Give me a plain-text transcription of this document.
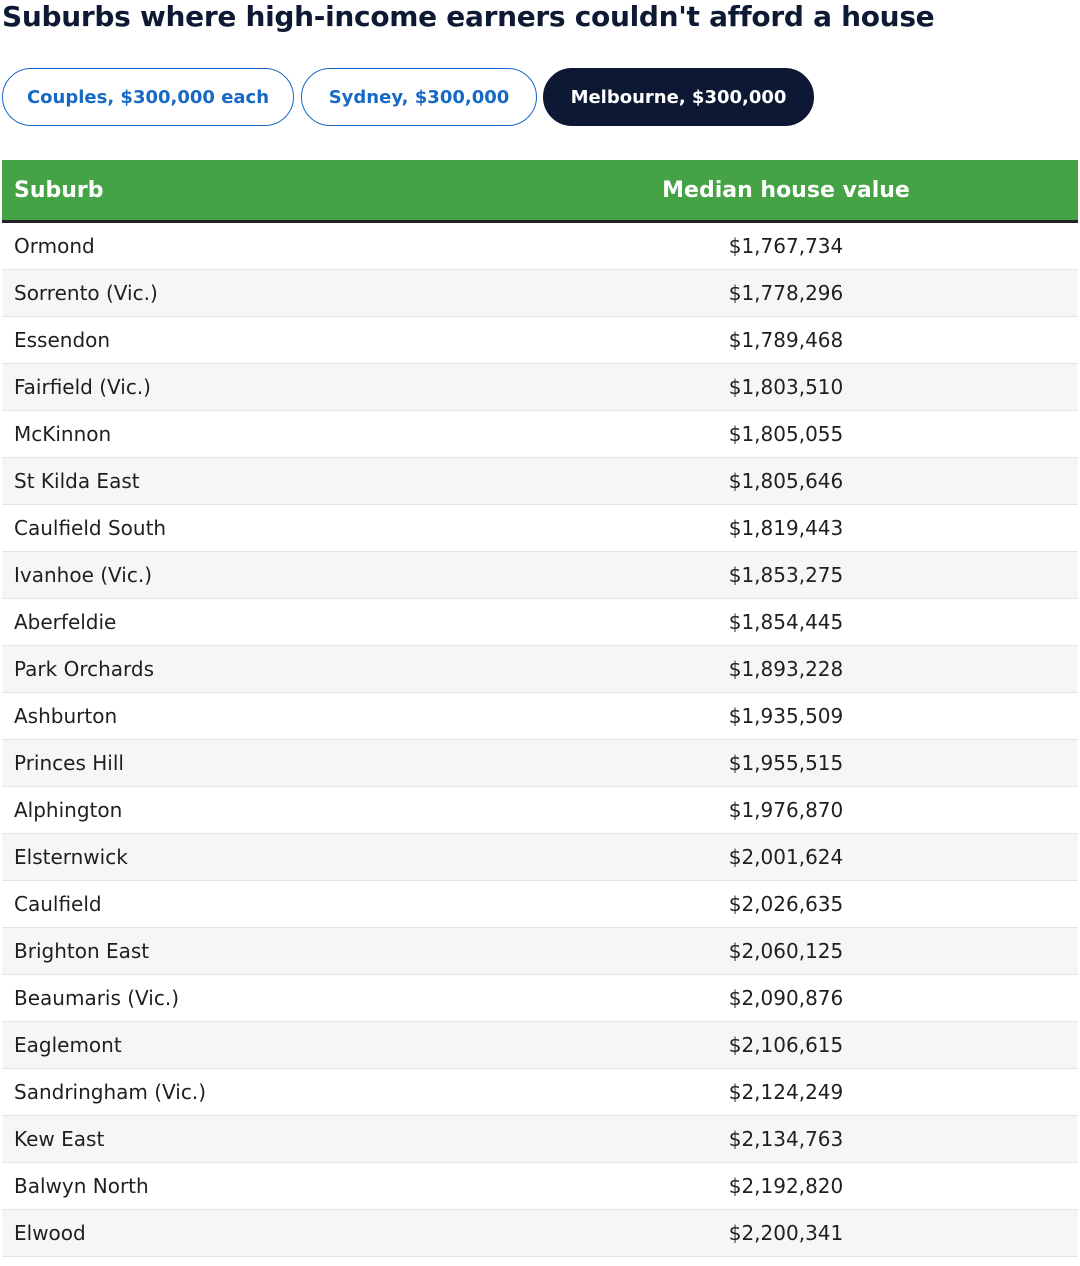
Suburbs where high-income earners couldn't afford a house
Couples, $300,000 each	Sydney, $300,000	Melbourne, $300,000
Suburb	Median house value
Ormond	$1,767,734
Sorrento (Vic.)	$1,778,296
Essendon	$1,789,468
Fairfield (Vic.)	$1,803,510
McKinnon	$1,805,055
St Kilda East	$1,805,646
Caulfield South	$1,819,443
Ivanhoe (Vic.)	$1,853,275
Aberfeldie	$1,854,445
Park Orchards	$1,893,228
Ashburton	$1,935,509
Princes Hill	$1,955,515
Alphington	$1,976,870
Elsternwick	$2,001,624
Caulfield	$2,026,635
Brighton East	$2,060,125
Beaumaris (Vic.)	$2,090,876
Eaglemont	$2,106,615
Sandringham (Vic.)	$2,124,249
Kew East	$2,134,763
Balwyn North	$2,192,820
Elwood	$2,200,341
